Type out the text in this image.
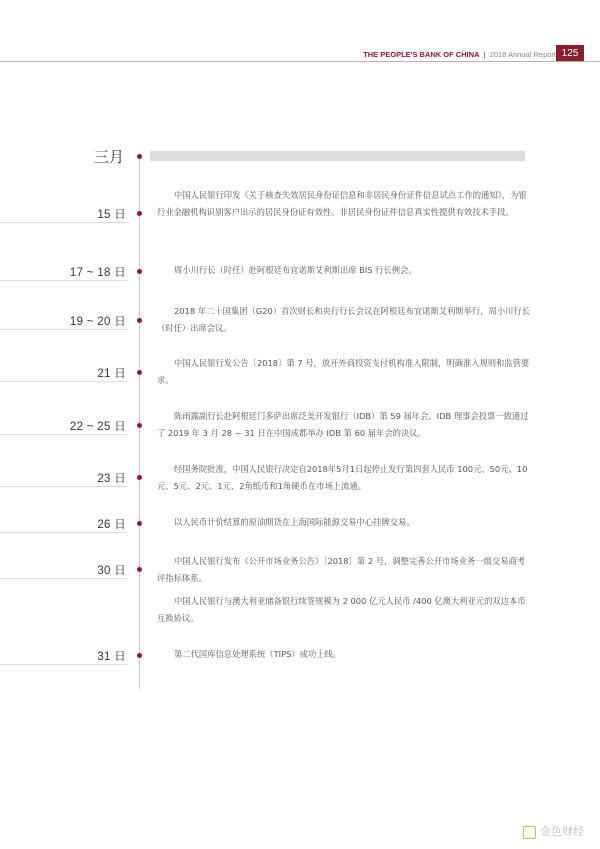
THE PEOPLE'S BANK OF CHINA | 2018 Annual Report 125
三月
15 日
中国人民银行印发《关于核查失效居民身份证信息和非居民身份证件信息试点工作的通知》，为银行业金融机构识别客户出示的居民身份证有效性、非居民身份证件信息真实性提供有效技术手段。
17 ~ 18 日	周小川行长（时任）赴阿根廷布宜诺斯艾利斯出席 BIS 行长例会。
19 ~ 20 日
2018 年二十国集团（G20）首次财长和央行行长会议在阿根廷布宜诺斯艾利斯举行，周小川行长（时任）出席会议。
21 日
中国人民银行发公告〔2018〕第 7 号，放开外商投资支付机构准入限制，明确准入规则和监管要求。
22 ~ 25 日
陈雨露副行长赴阿根廷门多萨出席泛美开发银行（IDB）第 59 届年会。IDB 理事会投票一致通过了 2019 年 3 月 28 ~ 31 日在中国成都举办 IDB 第 60 届年会的决议。
23 日
经国务院批准，中国人民银行决定自2018年5月1日起停止发行第四套人民币 100元、50元、10元、5元、2元、1元、2角纸币和1角硬币在市场上流通。
26 日	以人民币计价结算的原油期货在上海国际能源交易中心挂牌交易。
30 日
中国人民银行发布《公开市场业务公告》〔2018〕第 2 号，调整完善公开市场业务一级交易商考评指标体系。
中国人民银行与澳大利亚储备银行续签规模为 2 000 亿元人民币 /400 亿澳大利亚元的双边本币互换协议。
31 日	第二代国库信息处理系统（TIPS）成功上线。
金色财经
